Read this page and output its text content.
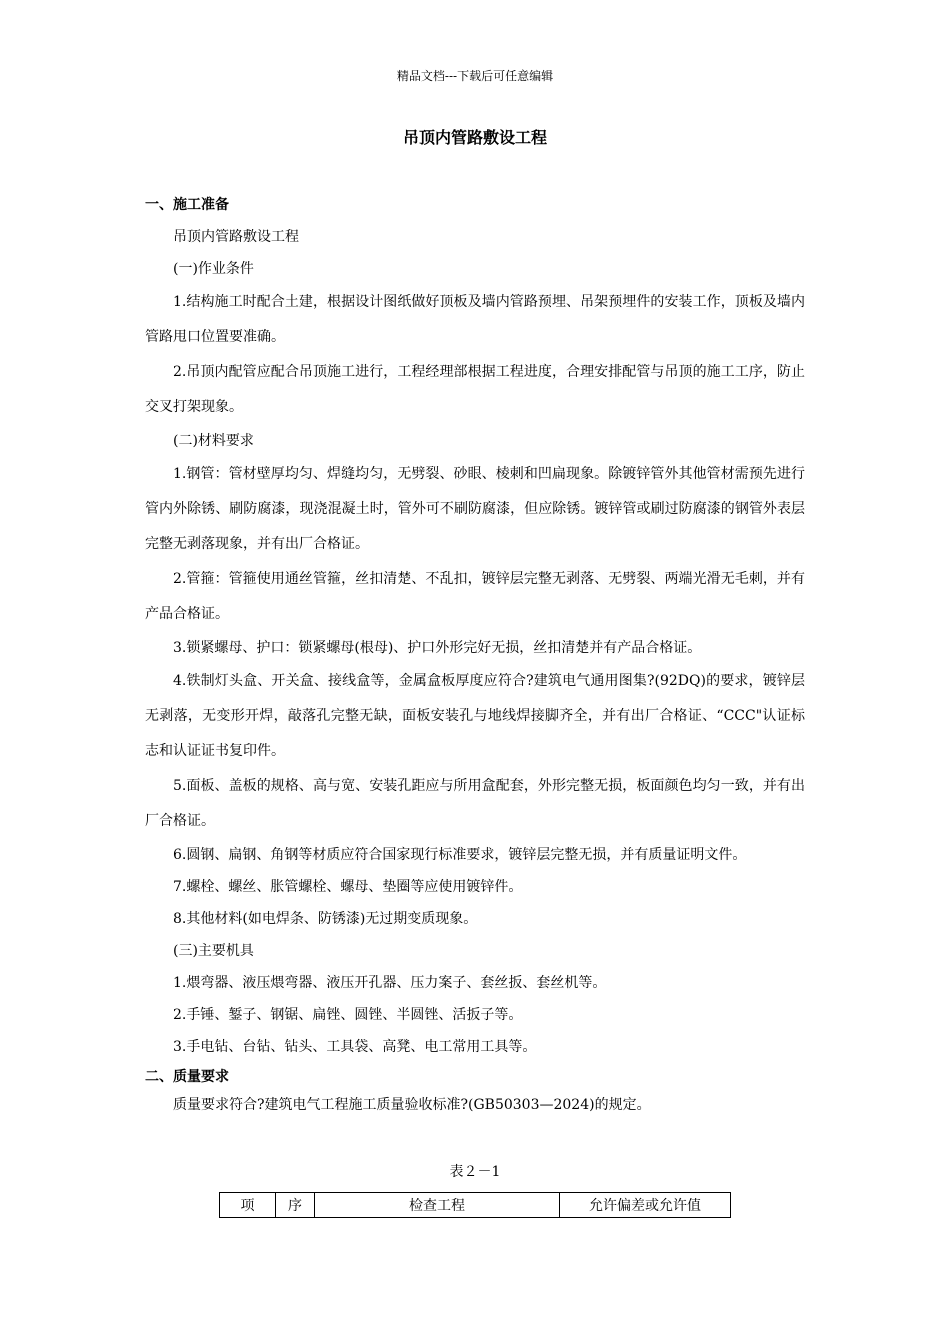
精品文档---下载后可任意编辑
吊顶内管路敷设工程
一、施工准备

吊顶内管路敷设工程

(一)作业条件

1.结构施工时配合土建，根据设计图纸做好顶板及墙内管路预埋、吊架预埋件的安装工作，顶板及墙内管路甩口位置要准确。

2.吊顶内配管应配合吊顶施工进行，工程经理部根据工程进度，合理安排配管与吊顶的施工工序，防止交叉打架现象。

(二)材料要求

1.钢管：管材壁厚均匀、焊缝均匀，无劈裂、砂眼、棱刺和凹扁现象。除镀锌管外其他管材需预先进行管内外除锈、刷防腐漆，现浇混凝土时，管外可不刷防腐漆，但应除锈。镀锌管或刷过防腐漆的钢管外表层完整无剥落现象，并有出厂合格证。

2.管箍：管箍使用通丝管箍，丝扣清楚、不乱扣，镀锌层完整无剥落、无劈裂、两端光滑无毛刺，并有产品合格证。

3.锁紧螺母、护口：锁紧螺母(根母)、护口外形完好无损，丝扣清楚并有产品合格证。

4.铁制灯头盒、开关盒、接线盒等，金属盒板厚度应符合?建筑电气通用图集?(92DQ)的要求，镀锌层无剥落，无变形开焊，敲落孔完整无缺，面板安装孔与地线焊接脚齐全，并有出厂合格证、“CCC"认证标志和认证证书复印件。

5.面板、盖板的规格、高与宽、安装孔距应与所用盒配套，外形完整无损，板面颜色均匀一致，并有出厂合格证。

6.圆钢、扁钢、角钢等材质应符合国家现行标准要求，镀锌层完整无损，并有质量证明文件。

7.螺栓、螺丝、胀管螺栓、螺母、垫圈等应使用镀锌件。

8.其他材料(如电焊条、防锈漆)无过期变质现象。

(三)主要机具

1.煨弯器、液压煨弯器、液压开孔器、压力案子、套丝扳、套丝机等。

2.手锤、錾子、钢锯、扁锉、圆锉、半圆锉、活扳子等。

3.手电钻、台钻、钻头、工具袋、高凳、电工常用工具等。

二、质量要求

质量要求符合?建筑电气工程施工质量验收标准?(GB50303—2024)的规定。

表２－1
项	序	检查工程	允许偏差或允许值
